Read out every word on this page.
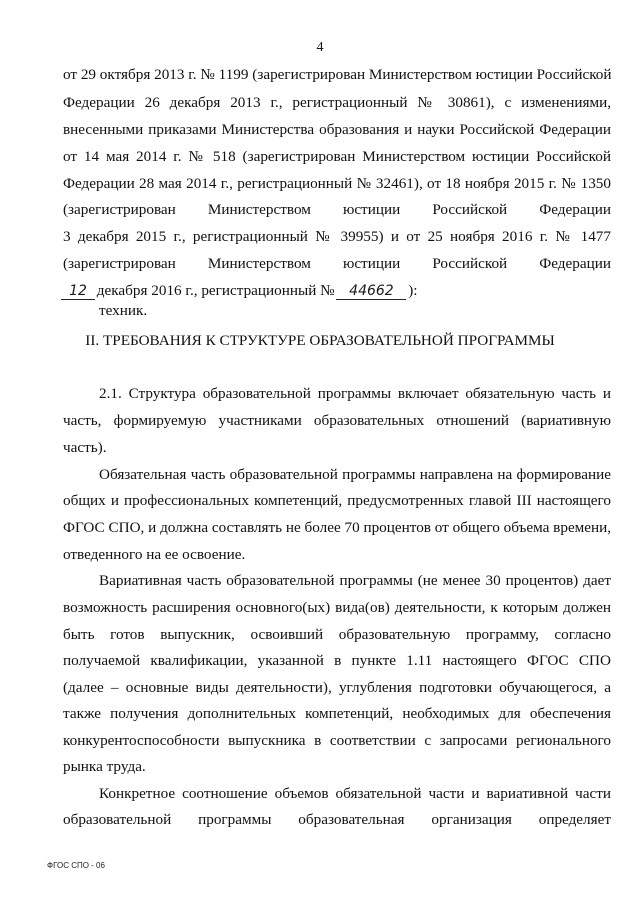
4
от 29 октября 2013 г. № 1199 (зарегистрирован Министерством юстиции Российской
Федерации 26 декабря 2013 г., регистрационный № 30861), с изменениями,
внесенными приказами Министерства образования и науки Российской Федерации
от 14 мая 2014 г. № 518 (зарегистрирован Министерством юстиции Российской
Федерации 28 мая 2014 г., регистрационный № 32461), от 18 ноября 2015 г. № 1350
(зарегистрирован Министерством юстиции Российской Федерации
3 декабря 2015 г., регистрационный № 39955) и от 25 ноября 2016 г. № 1477
(зарегистрирован Министерством юстиции Российской Федерации
12 декабря 2016 г., регистрационный № 44662 ):
техник.
II. ТРЕБОВАНИЯ К СТРУКТУРЕ ОБРАЗОВАТЕЛЬНОЙ ПРОГРАММЫ
2.1. Структура образовательной программы включает обязательную часть и
часть, формируемую участниками образовательных отношений (вариативную
часть).
Обязательная часть образовательной программы направлена на формирование
общих и профессиональных компетенций, предусмотренных главой III настоящего
ФГОС СПО, и должна составлять не более 70 процентов от общего объема времени,
отведенного на ее освоение.
Вариативная часть образовательной программы (не менее 30 процентов) дает
возможность расширения основного(ых) вида(ов) деятельности, к которым должен
быть готов выпускник, освоивший образовательную программу, согласно
получаемой квалификации, указанной в пункте 1.11 настоящего ФГОС СПО
(далее – основные виды деятельности), углубления подготовки обучающегося, а
также получения дополнительных компетенций, необходимых для обеспечения
конкурентоспособности выпускника в соответствии с запросами регионального
рынка труда.
Конкретное соотношение объемов обязательной части и вариативной части
образовательной программы образовательная организация определяет
ФГОС СПО - 06
